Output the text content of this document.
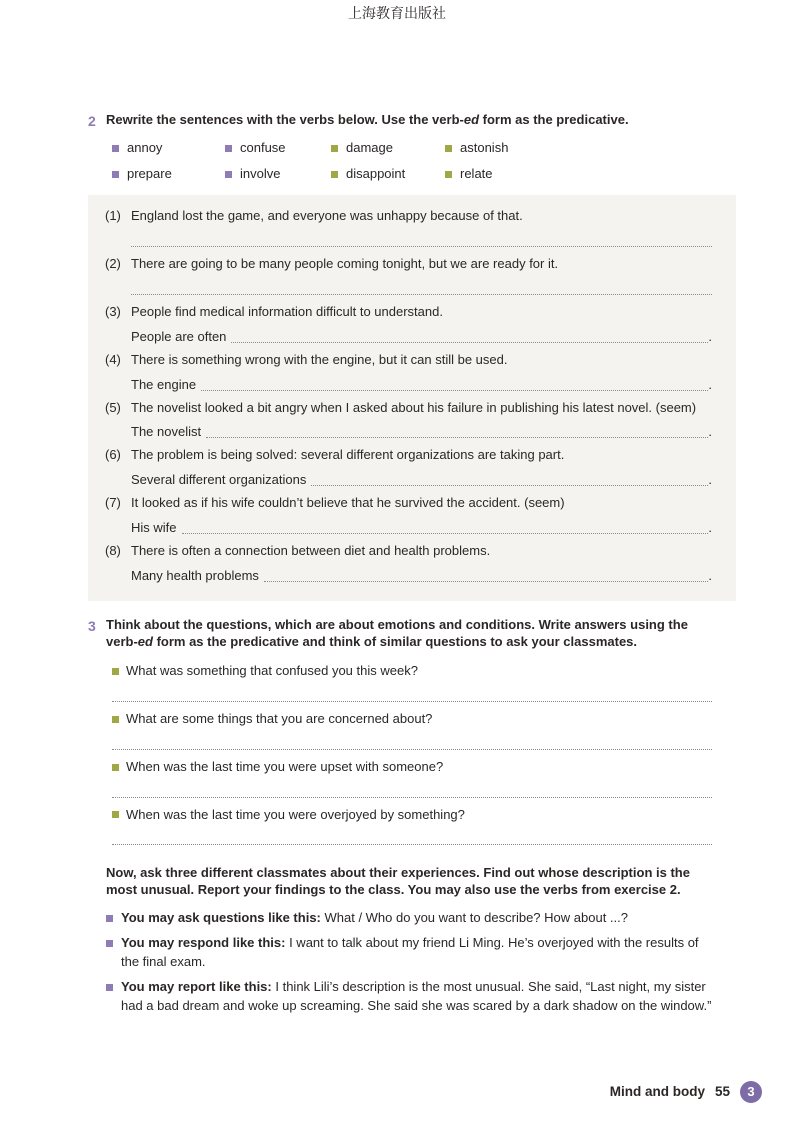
上海教育出版社
2 Rewrite the sentences with the verbs below. Use the verb-ed form as the predicative.
annoy	confuse	damage	astonish
prepare	involve	disappoint	relate
(1) England lost the game, and everyone was unhappy because of that.
(2) There are going to be many people coming tonight, but we are ready for it.
(3) People find medical information difficult to understand.
People are often	.
(4) There is something wrong with the engine, but it can still be used.
The engine	.
(5) The novelist looked a bit angry when I asked about his failure in publishing his latest novel. (seem)
The novelist	.
(6) The problem is being solved: several different organizations are taking part.
Several different organizations	.
(7) It looked as if his wife couldn’t believe that he survived the accident. (seem)
His wife	.
(8) There is often a connection between diet and health problems.
Many health problems	.
3 Think about the questions, which are about emotions and conditions. Write answers using the verb-ed form as the predicative and think of similar questions to ask your classmates.
What was something that confused you this week?
What are some things that you are concerned about?
When was the last time you were upset with someone?
When was the last time you were overjoyed by something?
Now, ask three different classmates about their experiences. Find out whose description is the most unusual. Report your findings to the class. You may also use the verbs from exercise 2.
You may ask questions like this: What / Who do you want to describe? How about ...?
You may respond like this: I want to talk about my friend Li Ming. He’s overjoyed with the results of the final exam.
You may report like this: I think Lili’s description is the most unusual. She said, “Last night, my sister had a bad dream and woke up screaming. She said she was scared by a dark shadow on the window.”
Mind and body 55	3
